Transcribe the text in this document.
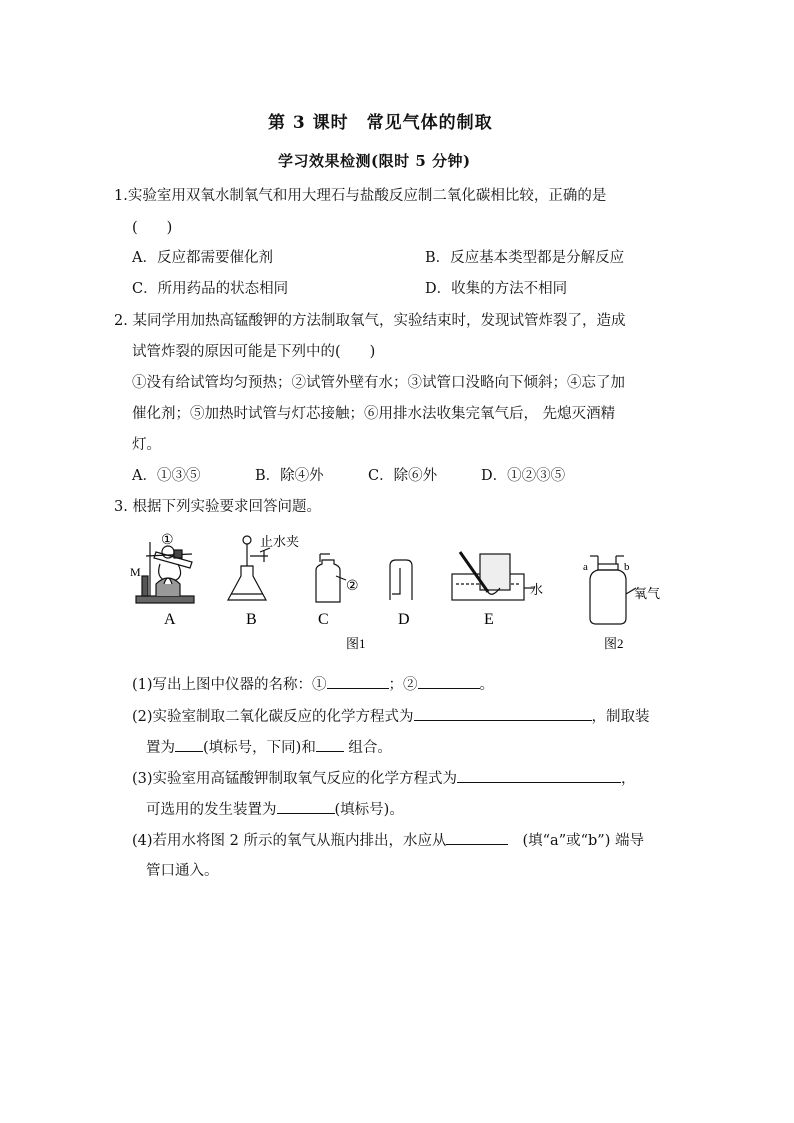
第 3 课时　常见气体的制取
学习效果检测(限时 5 分钟)
1.实验室用双氧水制氧气和用大理石与盐酸反应制二氧化碳相比较，正确的是
(　　)
A．反应都需要催化剂	B．反应基本类型都是分解反应
C．所用药品的状态相同	D．收集的方法不相同
2. 某同学用加热高锰酸钾的方法制取氧气，实验结束时，发现试管炸裂了，造成
试管炸裂的原因可能是下列中的(　　)
①没有给试管均匀预热；②试管外壁有水；③试管口没略向下倾斜；④忘了加
催化剂；⑤加热时试管与灯芯接触；⑥用排水法收集完氧气后， 先熄灭酒精
灯。
A．①③⑤	B．除④外	C．除⑥外	D．①②③⑤
3. 根据下列实验要求回答问题。
①
M
止水夹
②	水
a	b
氧气
A	B	C	D	E
图1	图2
(1)写出上图中仪器的名称：①	；②	。
(2)实验室制取二氧化碳反应的化学方程式为	，制取装
置为 (填标号，下同)和 组合。
(3)实验室用高锰酸钾制取氧气反应的化学方程式为	，
可选用的发生装置为	(填标号)。
(4)若用水将图 2 所示的氧气从瓶内排出，水应从	(填“a”或“b”) 端导
管口通入。
